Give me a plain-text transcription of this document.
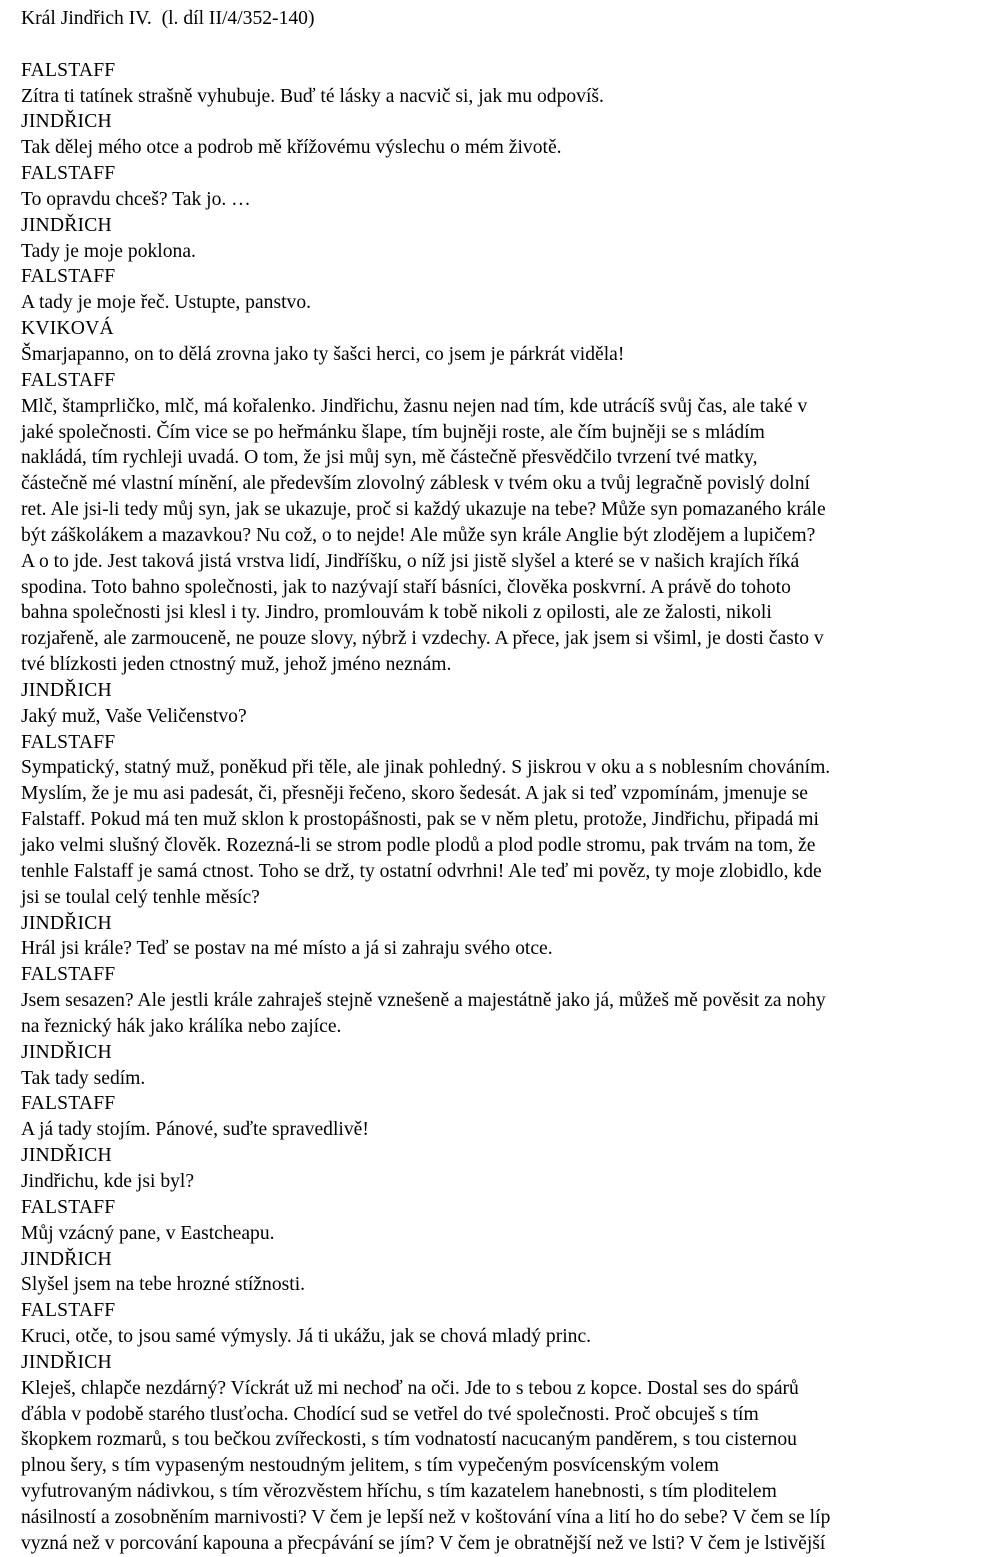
Král Jindřich IV.  (l. díl II/4/352-140)
FALSTAFF
Zítra ti tatínek strašně vyhubuje. Buď té lásky a nacvič si, jak mu odpovíš.
JINDŘICH
Tak dělej mého otce a podrob mě křížovému výslechu o mém životě.
FALSTAFF
To opravdu chceš? Tak jo. …
JINDŘICH
Tady je moje poklona.
FALSTAFF
A tady je moje řeč. Ustupte, panstvo.
KVIKOVÁ
Šmarjapanno, on to dělá zrovna jako ty šašci herci, co jsem je párkrát viděla!
FALSTAFF
Mlč, štamprličko, mlč, má kořalenko. Jindřichu, žasnu nejen nad tím, kde utrácíš svůj čas, ale také v
jaké společnosti. Čím vice se po heřmánku šlape, tím bujněji roste, ale čím bujněji se s mládím
nakládá, tím rychleji uvadá. O tom, že jsi můj syn, mě částečně přesvědčilo tvrzení tvé matky,
částečně mé vlastní mínění, ale především zlovolný záblesk v tvém oku a tvůj legračně povislý dolní
ret. Ale jsi-li tedy můj syn, jak se ukazuje, proč si každý ukazuje na tebe? Může syn pomazaného krále
být záškolákem a mazavkou? Nu což, o to nejde! Ale může syn krále Anglie být zlodějem a lupičem?
A o to jde. Jest taková jistá vrstva lidí, Jindříšku, o níž jsi jistě slyšel a které se v našich krajích říká
spodina. Toto bahno společnosti, jak to nazývají staří básníci, člověka poskvrní. A právě do tohoto
bahna společnosti jsi klesl i ty. Jindro, promlouvám k tobě nikoli z opilosti, ale ze žalosti, nikoli
rozjařeně, ale zarmouceně, ne pouze slovy, nýbrž i vzdechy. A přece, jak jsem si všiml, je dosti často v
tvé blízkosti jeden ctnostný muž, jehož jméno neznám.
JINDŘICH
Jaký muž, Vaše Veličenstvo?
FALSTAFF
Sympatický, statný muž, poněkud při těle, ale jinak pohledný. S jiskrou v oku a s noblesním chováním.
Myslím, že je mu asi padesát, či, přesněji řečeno, skoro šedesát. A jak si teď vzpomínám, jmenuje se
Falstaff. Pokud má ten muž sklon k prostopášnosti, pak se v něm pletu, protože, Jindřichu, připadá mi
jako velmi slušný člověk. Rozezná-li se strom podle plodů a plod podle stromu, pak trvám na tom, že
tenhle Falstaff je samá ctnost. Toho se drž, ty ostatní odvrhni! Ale teď mi pověz, ty moje zlobidlo, kde
jsi se toulal celý tenhle měsíc?
JINDŘICH
Hrál jsi krále? Teď se postav na mé místo a já si zahraju svého otce.
FALSTAFF
Jsem sesazen? Ale jestli krále zahraješ stejně vznešeně a majestátně jako já, můžeš mě pověsit za nohy
na řeznický hák jako králíka nebo zajíce.
JINDŘICH
Tak tady sedím.
FALSTAFF
A já tady stojím. Pánové, suďte spravedlivě!
JINDŘICH
Jindřichu, kde jsi byl?
FALSTAFF
Můj vzácný pane, v Eastcheapu.
JINDŘICH
Slyšel jsem na tebe hrozné stížnosti.
FALSTAFF
Kruci, otče, to jsou samé výmysly. Já ti ukážu, jak se chová mladý princ.
JINDŘICH
Kleješ, chlapče nezdárný? Víckrát už mi nechoď na oči. Jde to s tebou z kopce. Dostal ses do spárů
ďábla v podobě starého tlusťocha. Chodící sud se vetřel do tvé společnosti. Proč obcuješ s tím
škopkem rozmarů, s tou bečkou zvířeckosti, s tím vodnatostí nacucaným panděrem, s tou cisternou
plnou šery, s tím vypaseným nestoudným jelitem, s tím vypečeným posvícenským volem
vyfutrovaným nádivkou, s tím věrozvěstem hříchu, s tím kazatelem hanebnosti, s tím ploditelem
násilností a zosobněním marnivosti? V čem je lepší než v koštování vína a lití ho do sebe? V čem se líp
vyzná než v porcování kapouna a přecpávání se jím? V čem je obratnější než ve lsti? V čem je lstivější
